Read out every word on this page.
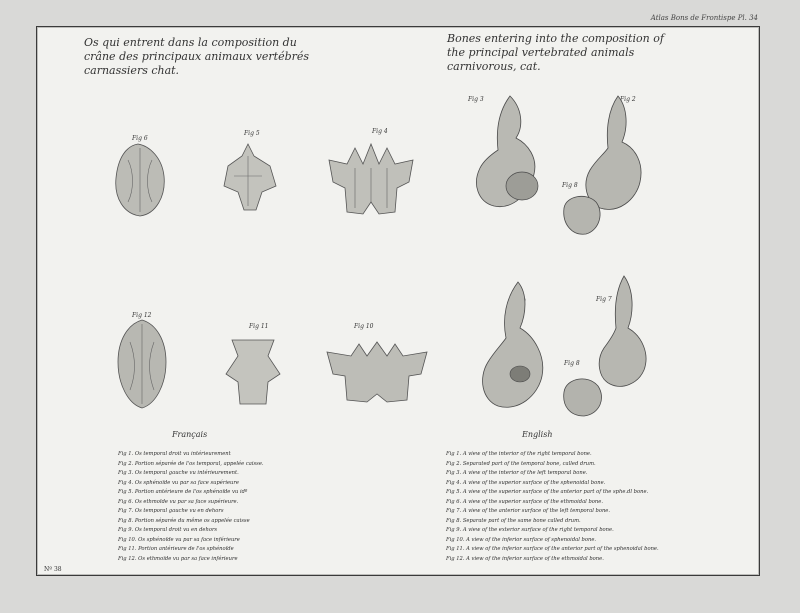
Atlas Bons de Frontispe Pl. 34
Os qui entrent dans la composition du crâne des principaux animaux vertébrés carnassiers chat.
Bones entering into the composition of the principal vertebrated animals carnivorous, cat.
Fig 6
Fig 5	Fig 4
Fig 3	Fig 2
Fig 8
Fig 12
Fig 11	Fig 10
Fig 7
Fig 8
Français	English
Fig 1. Os temporal droit vu intérieurement
Fig 2. Portion séparée de l'os temporal, appelée caisse.
Fig 3. Os temporal gauche vu intérieurement.
Fig 4. Os sphénoïde vu par sa face supérieure
Fig 5. Portion antérieure de l'os sphénoïde vu idº
Fig 6. Os ethmoïde vu par sa face supérieure.
Fig 7. Os temporal gauche vu en dehors
Fig 8. Portion séparée du même os appelée caisse
Fig 9. Os temporal droit vu en dehors
Fig 10. Os sphénoïde vu par sa face inférieure
Fig 11. Portion antérieure de l'os sphénoïde
Fig 12. Os ethmoïde vu par sa face inférieure
Fig 1. A view of the interior of the right temporal bone.
Fig 2. Separated part of the temporal bone, called drum.
Fig 3. A view of the interior of the left temporal bone.
Fig 4. A view of the superior surface of the sphenoidal bone.
Fig 5. A view of the superior surface of the anterior part of the sphe.dl bone.
Fig 6. A view of the superior surface of the ethmoidal bone.
Fig 7. A view of the anterior surface of the left temporal bone.
Fig 8. Separate part of the same bone called drum.
Fig 9. A view of the exterior surface of the right temporal bone.
Fig 10. A view of the inferior surface of sphenoidal bone.
Fig 11. A view of the inferior surface of the anterior part of the sphenoidal bone.
Fig 12. A view of the inferior surface of the ethmoidal bone.
Nº 38
